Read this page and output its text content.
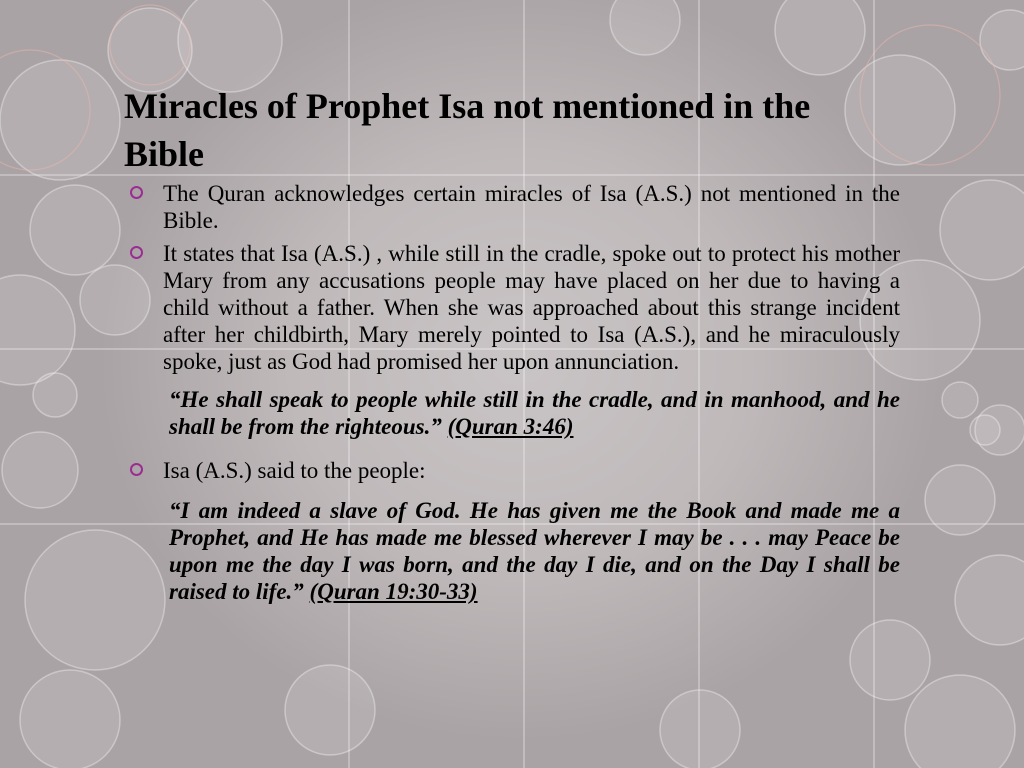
Miracles of Prophet Isa not mentioned in the Bible
The Quran acknowledges certain miracles of Isa (A.S.) not mentioned in the Bible.
It states that Isa (A.S.) , while still in the cradle, spoke out to protect his mother Mary from any accusations people may have placed on her due to having a child without a father. When she was approached about this strange incident after her childbirth, Mary merely pointed to Isa (A.S.), and he miraculously spoke, just as God had promised her upon annunciation.
“He shall speak to people while still in the cradle, and in manhood, and he shall be from the righteous.” (Quran 3:46)
Isa (A.S.) said to the people:
“I am indeed a slave of God. He has given me the Book and made me a Prophet, and He has made me blessed wherever I may be . . . may Peace be upon me the day I was born, and the day I die, and on the Day I shall be raised to life.” (Quran 19:30-33)
